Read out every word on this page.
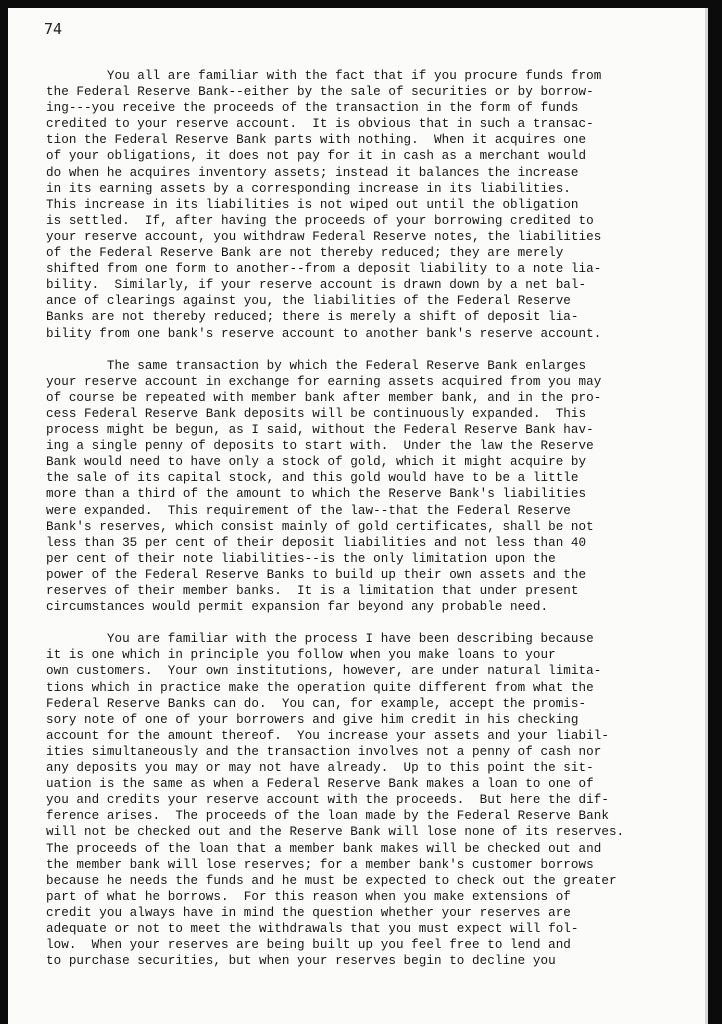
74
You all are familiar with the fact that if you procure funds from
the Federal Reserve Bank--either by the sale of securities or by borrow-
ing---you receive the proceeds of the transaction in the form of funds
credited to your reserve account.  It is obvious that in such a transac-
tion the Federal Reserve Bank parts with nothing.  When it acquires one
of your obligations, it does not pay for it in cash as a merchant would
do when he acquires inventory assets; instead it balances the increase
in its earning assets by a corresponding increase in its liabilities.
This increase in its liabilities is not wiped out until the obligation
is settled.  If, after having the proceeds of your borrowing credited to
your reserve account, you withdraw Federal Reserve notes, the liabilities
of the Federal Reserve Bank are not thereby reduced; they are merely
shifted from one form to another--from a deposit liability to a note lia-
bility.  Similarly, if your reserve account is drawn down by a net bal-
ance of clearings against you, the liabilities of the Federal Reserve
Banks are not thereby reduced; there is merely a shift of deposit lia-
bility from one bank's reserve account to another bank's reserve account.
The same transaction by which the Federal Reserve Bank enlarges
your reserve account in exchange for earning assets acquired from you may
of course be repeated with member bank after member bank, and in the pro-
cess Federal Reserve Bank deposits will be continuously expanded.  This
process might be begun, as I said, without the Federal Reserve Bank hav-
ing a single penny of deposits to start with.  Under the law the Reserve
Bank would need to have only a stock of gold, which it might acquire by
the sale of its capital stock, and this gold would have to be a little
more than a third of the amount to which the Reserve Bank's liabilities
were expanded.  This requirement of the law--that the Federal Reserve
Bank's reserves, which consist mainly of gold certificates, shall be not
less than 35 per cent of their deposit liabilities and not less than 40
per cent of their note liabilities--is the only limitation upon the
power of the Federal Reserve Banks to build up their own assets and the
reserves of their member banks.  It is a limitation that under present
circumstances would permit expansion far beyond any probable need.
You are familiar with the process I have been describing because
it is one which in principle you follow when you make loans to your
own customers.  Your own institutions, however, are under natural limita-
tions which in practice make the operation quite different from what the
Federal Reserve Banks can do.  You can, for example, accept the promis-
sory note of one of your borrowers and give him credit in his checking
account for the amount thereof.  You increase your assets and your liabil-
ities simultaneously and the transaction involves not a penny of cash nor
any deposits you may or may not have already.  Up to this point the sit-
uation is the same as when a Federal Reserve Bank makes a loan to one of
you and credits your reserve account with the proceeds.  But here the dif-
ference arises.  The proceeds of the loan made by the Federal Reserve Bank
will not be checked out and the Reserve Bank will lose none of its reserves.
The proceeds of the loan that a member bank makes will be checked out and
the member bank will lose reserves; for a member bank's customer borrows
because he needs the funds and he must be expected to check out the greater
part of what he borrows.  For this reason when you make extensions of
credit you always have in mind the question whether your reserves are
adequate or not to meet the withdrawals that you must expect will fol-
low.  When your reserves are being built up you feel free to lend and
to purchase securities, but when your reserves begin to decline you
